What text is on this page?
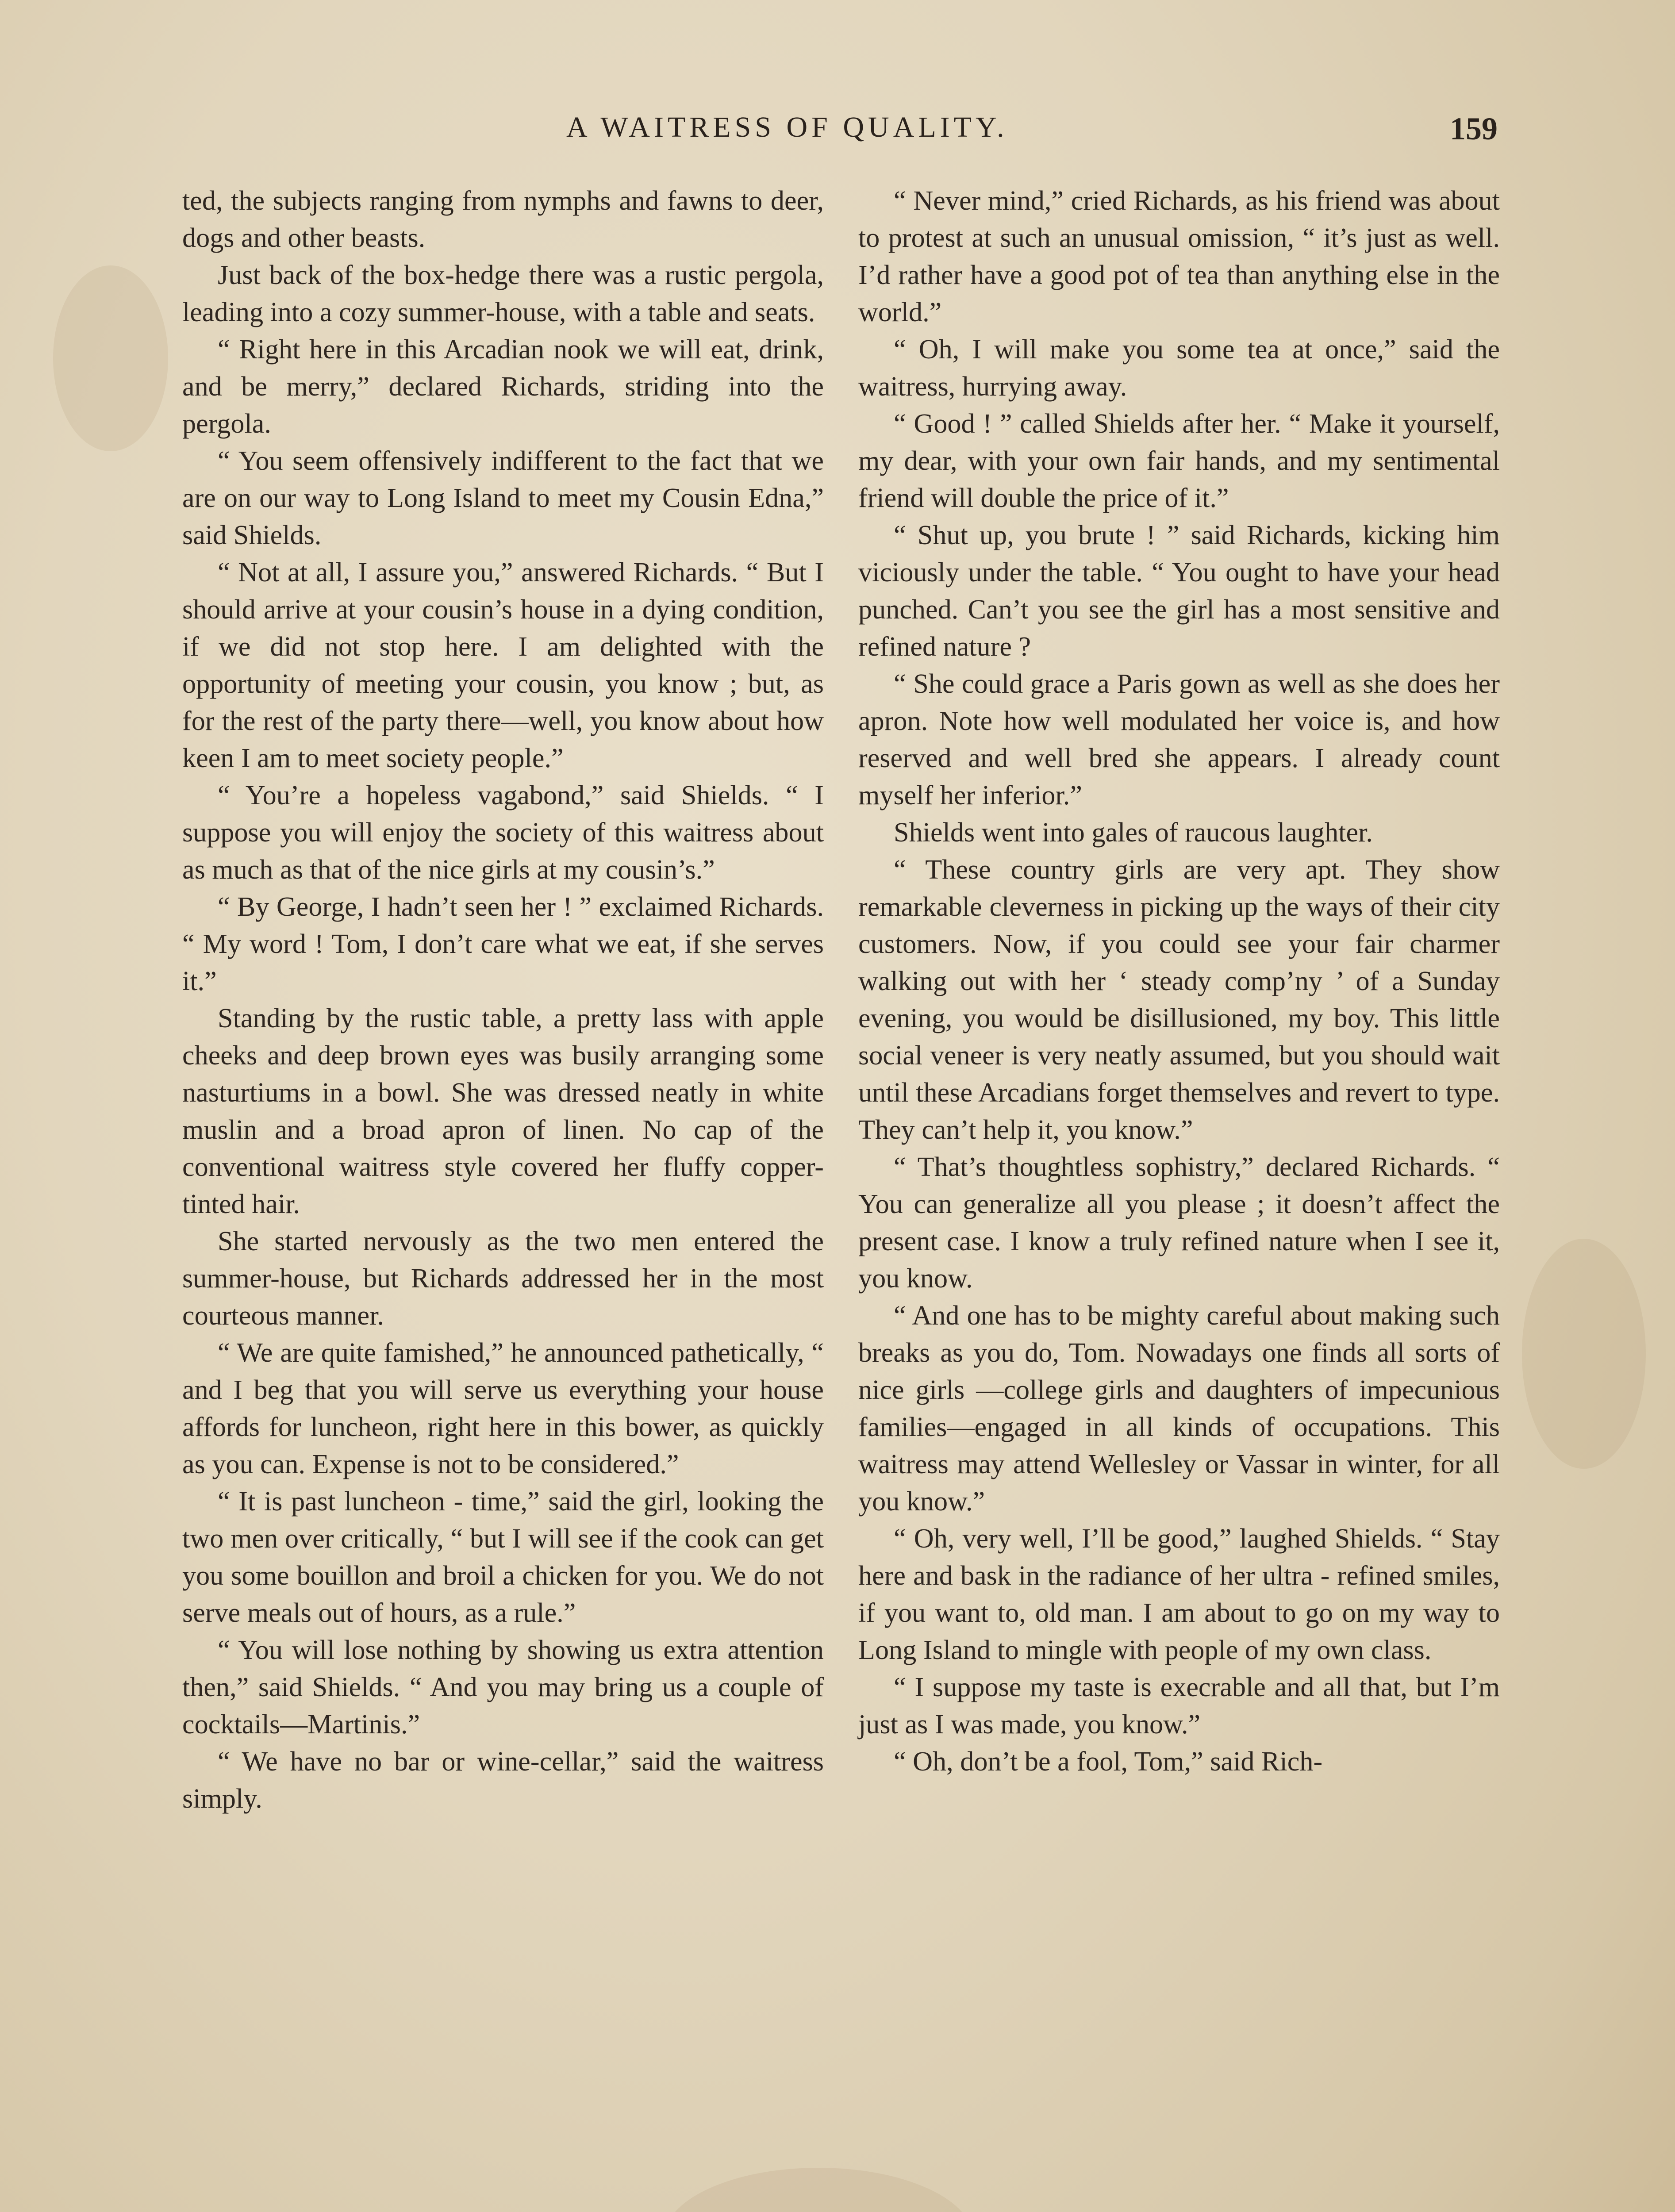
A WAITRESS OF QUALITY.	159

ted, the subjects ranging from nymphs and fawns to deer, dogs and other beasts.

Just back of the box-hedge there was a rustic pergola, leading into a cozy summer-house, with a table and seats.

“ Right here in this Arcadian nook we will eat, drink, and be merry,” declared Richards, striding into the pergola.

“ You seem offensively indifferent to the fact that we are on our way to Long Island to meet my Cousin Edna,” said Shields.

“ Not at all, I assure you,” answered Richards. “ But I should arrive at your cousin’s house in a dying condition, if we did not stop here. I am delighted with the opportunity of meeting your cousin, you know ; but, as for the rest of the party there—well, you know about how keen I am to meet society people.”

“ You’re a hopeless vagabond,” said Shields. “ I suppose you will enjoy the society of this waitress about as much as that of the nice girls at my cousin’s.”

“ By George, I hadn’t seen her ! ” exclaimed Richards. “ My word ! Tom, I don’t care what we eat, if she serves it.”

Standing by the rustic table, a pretty lass with apple cheeks and deep brown eyes was busily arranging some nasturtiums in a bowl. She was dressed neatly in white muslin and a broad apron of linen. No cap of the conventional waitress style covered her fluffy copper-tinted hair.

She started nervously as the two men entered the summer-house, but Richards addressed her in the most courteous manner.

“ We are quite famished,” he announced pathetically, “ and I beg that you will serve us everything your house affords for luncheon, right here in this bower, as quickly as you can. Expense is not to be considered.”

“ It is past luncheon - time,” said the girl, looking the two men over critically, “ but I will see if the cook can get you some bouillon and broil a chicken for you. We do not serve meals out of hours, as a rule.”

“ You will lose nothing by showing us extra attention then,” said Shields. “ And you may bring us a couple of cocktails—Martinis.”

“ We have no bar or wine-cellar,” said the waitress simply.

“ Never mind,” cried Richards, as his friend was about to protest at such an unusual omission, “ it’s just as well. I’d rather have a good pot of tea than anything else in the world.”

“ Oh, I will make you some tea at once,” said the waitress, hurrying away.

“ Good ! ” called Shields after her. “ Make it yourself, my dear, with your own fair hands, and my sentimental friend will double the price of it.”

“ Shut up, you brute ! ” said Richards, kicking him viciously under the table. “ You ought to have your head punched. Can’t you see the girl has a most sensitive and refined nature ?

“ She could grace a Paris gown as well as she does her apron. Note how well modulated her voice is, and how reserved and well bred she appears. I already count myself her inferior.”

Shields went into gales of raucous laughter.

“ These country girls are very apt. They show remarkable cleverness in picking up the ways of their city customers. Now, if you could see your fair charmer walking out with her ‘ steady comp’ny ’ of a Sunday evening, you would be disillusioned, my boy. This little social veneer is very neatly assumed, but you should wait until these Arcadians forget themselves and revert to type. They can’t help it, you know.”

“ That’s thoughtless sophistry,” declared Richards. “ You can generalize all you please ; it doesn’t affect the present case. I know a truly refined nature when I see it, you know.

“ And one has to be mighty careful about making such breaks as you do, Tom. Nowadays one finds all sorts of nice girls —college girls and daughters of impecunious families—engaged in all kinds of occupations. This waitress may attend Wellesley or Vassar in winter, for all you know.”

“ Oh, very well, I’ll be good,” laughed Shields. “ Stay here and bask in the radiance of her ultra - refined smiles, if you want to, old man. I am about to go on my way to Long Island to mingle with people of my own class.

“ I suppose my taste is execrable and all that, but I’m just as I was made, you know.”

“ Oh, don’t be a fool, Tom,” said Rich-
